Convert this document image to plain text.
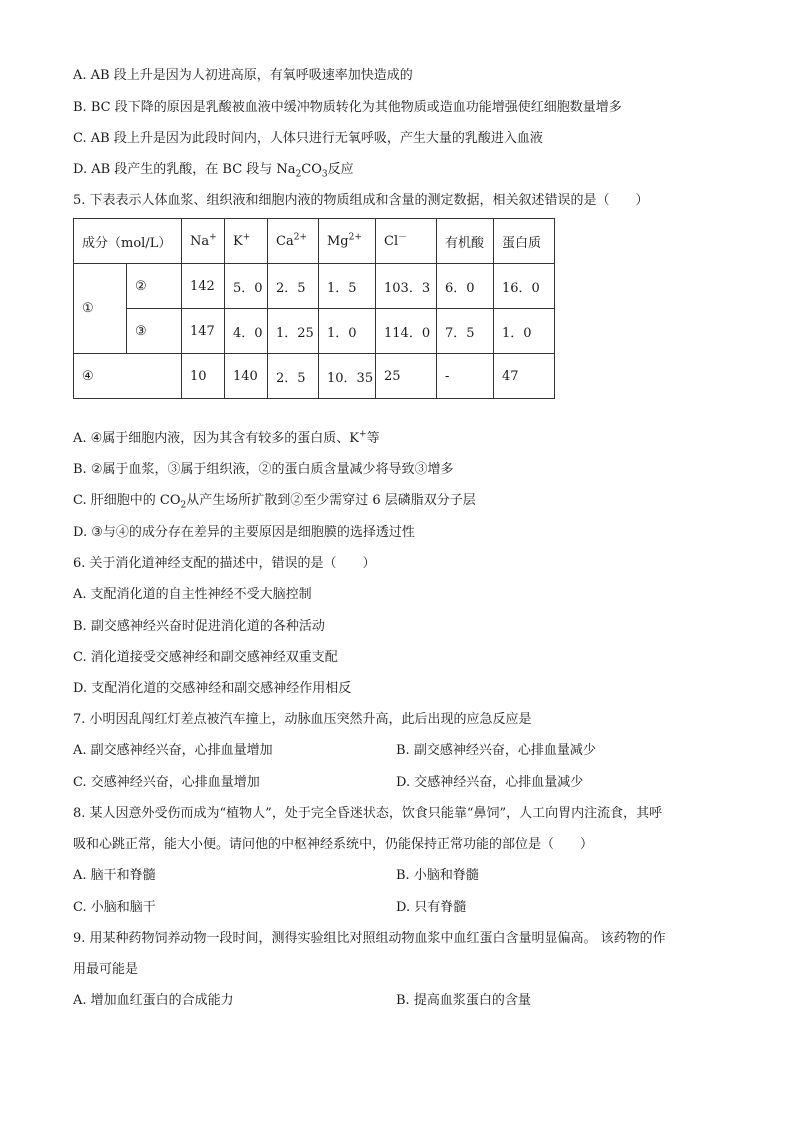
A. AB 段上升是因为人初进高原，有氧呼吸速率加快造成的
B. BC 段下降的原因是乳酸被血液中缓冲物质转化为其他物质或造血功能增强使红细胞数量增多
C. AB 段上升是因为此段时间内，人体只进行无氧呼吸，产生大量的乳酸进入血液
D. AB 段产生的乳酸，在 BC 段与 $Na_2CO_3$反应
5. 下表表示人体血浆、组织液和细胞内液的物质组成和含量的测定数据，相关叙述错误的是（　　）
成分（mol/L）		Na+	K+	$Ca^{2+}$	$Mg^{2+}$	Cl－	有机酸	蛋白质
①	②	142	5．0	2．5	1．5	103．3	6．0	16．0
	③	147	4．0	1．25	1．0	114．0	7．5	1．0
④		10	140	2．5	10．35	25	-	47
A. ④属于细胞内液，因为其含有较多的蛋白质、K+等
B. ②属于血浆，③属于组织液，②的蛋白质含量减少将导致③增多
C. 肝细胞中的 $CO_2$从产生场所扩散到②至少需穿过 6 层磷脂双分子层
D. ③与④的成分存在差异的主要原因是细胞膜的选择透过性
6. 关于消化道神经支配的描述中，错误的是（　　）
A. 支配消化道的自主性神经不受大脑控制
B. 副交感神经兴奋时促进消化道的各种活动
C. 消化道接受交感神经和副交感神经双重支配
D. 支配消化道的交感神经和副交感神经作用相反
7. 小明因乱闯红灯差点被汽车撞上，动脉血压突然升高，此后出现的应急反应是
A. 副交感神经兴奋，心排血量增加	B. 副交感神经兴奋，心排血量减少
C. 交感神经兴奋，心排血量增加	D. 交感神经兴奋，心排血量减少
8. 某人因意外受伤而成为“植物人”，处于完全昏迷状态，饮食只能靠“鼻饲”，人工向胃内注流食，其呼
吸和心跳正常，能大小便。请问他的中枢神经系统中，仍能保持正常功能的部位是（　　）
A. 脑干和脊髓	B. 小脑和脊髓
C. 小脑和脑干	D. 只有脊髓
9. 用某种药物饲养动物一段时间，测得实验组比对照组动物血浆中血红蛋白含量明显偏高。 该药物的作
用最可能是
A. 增加血红蛋白的合成能力	B. 提高血浆蛋白的含量
